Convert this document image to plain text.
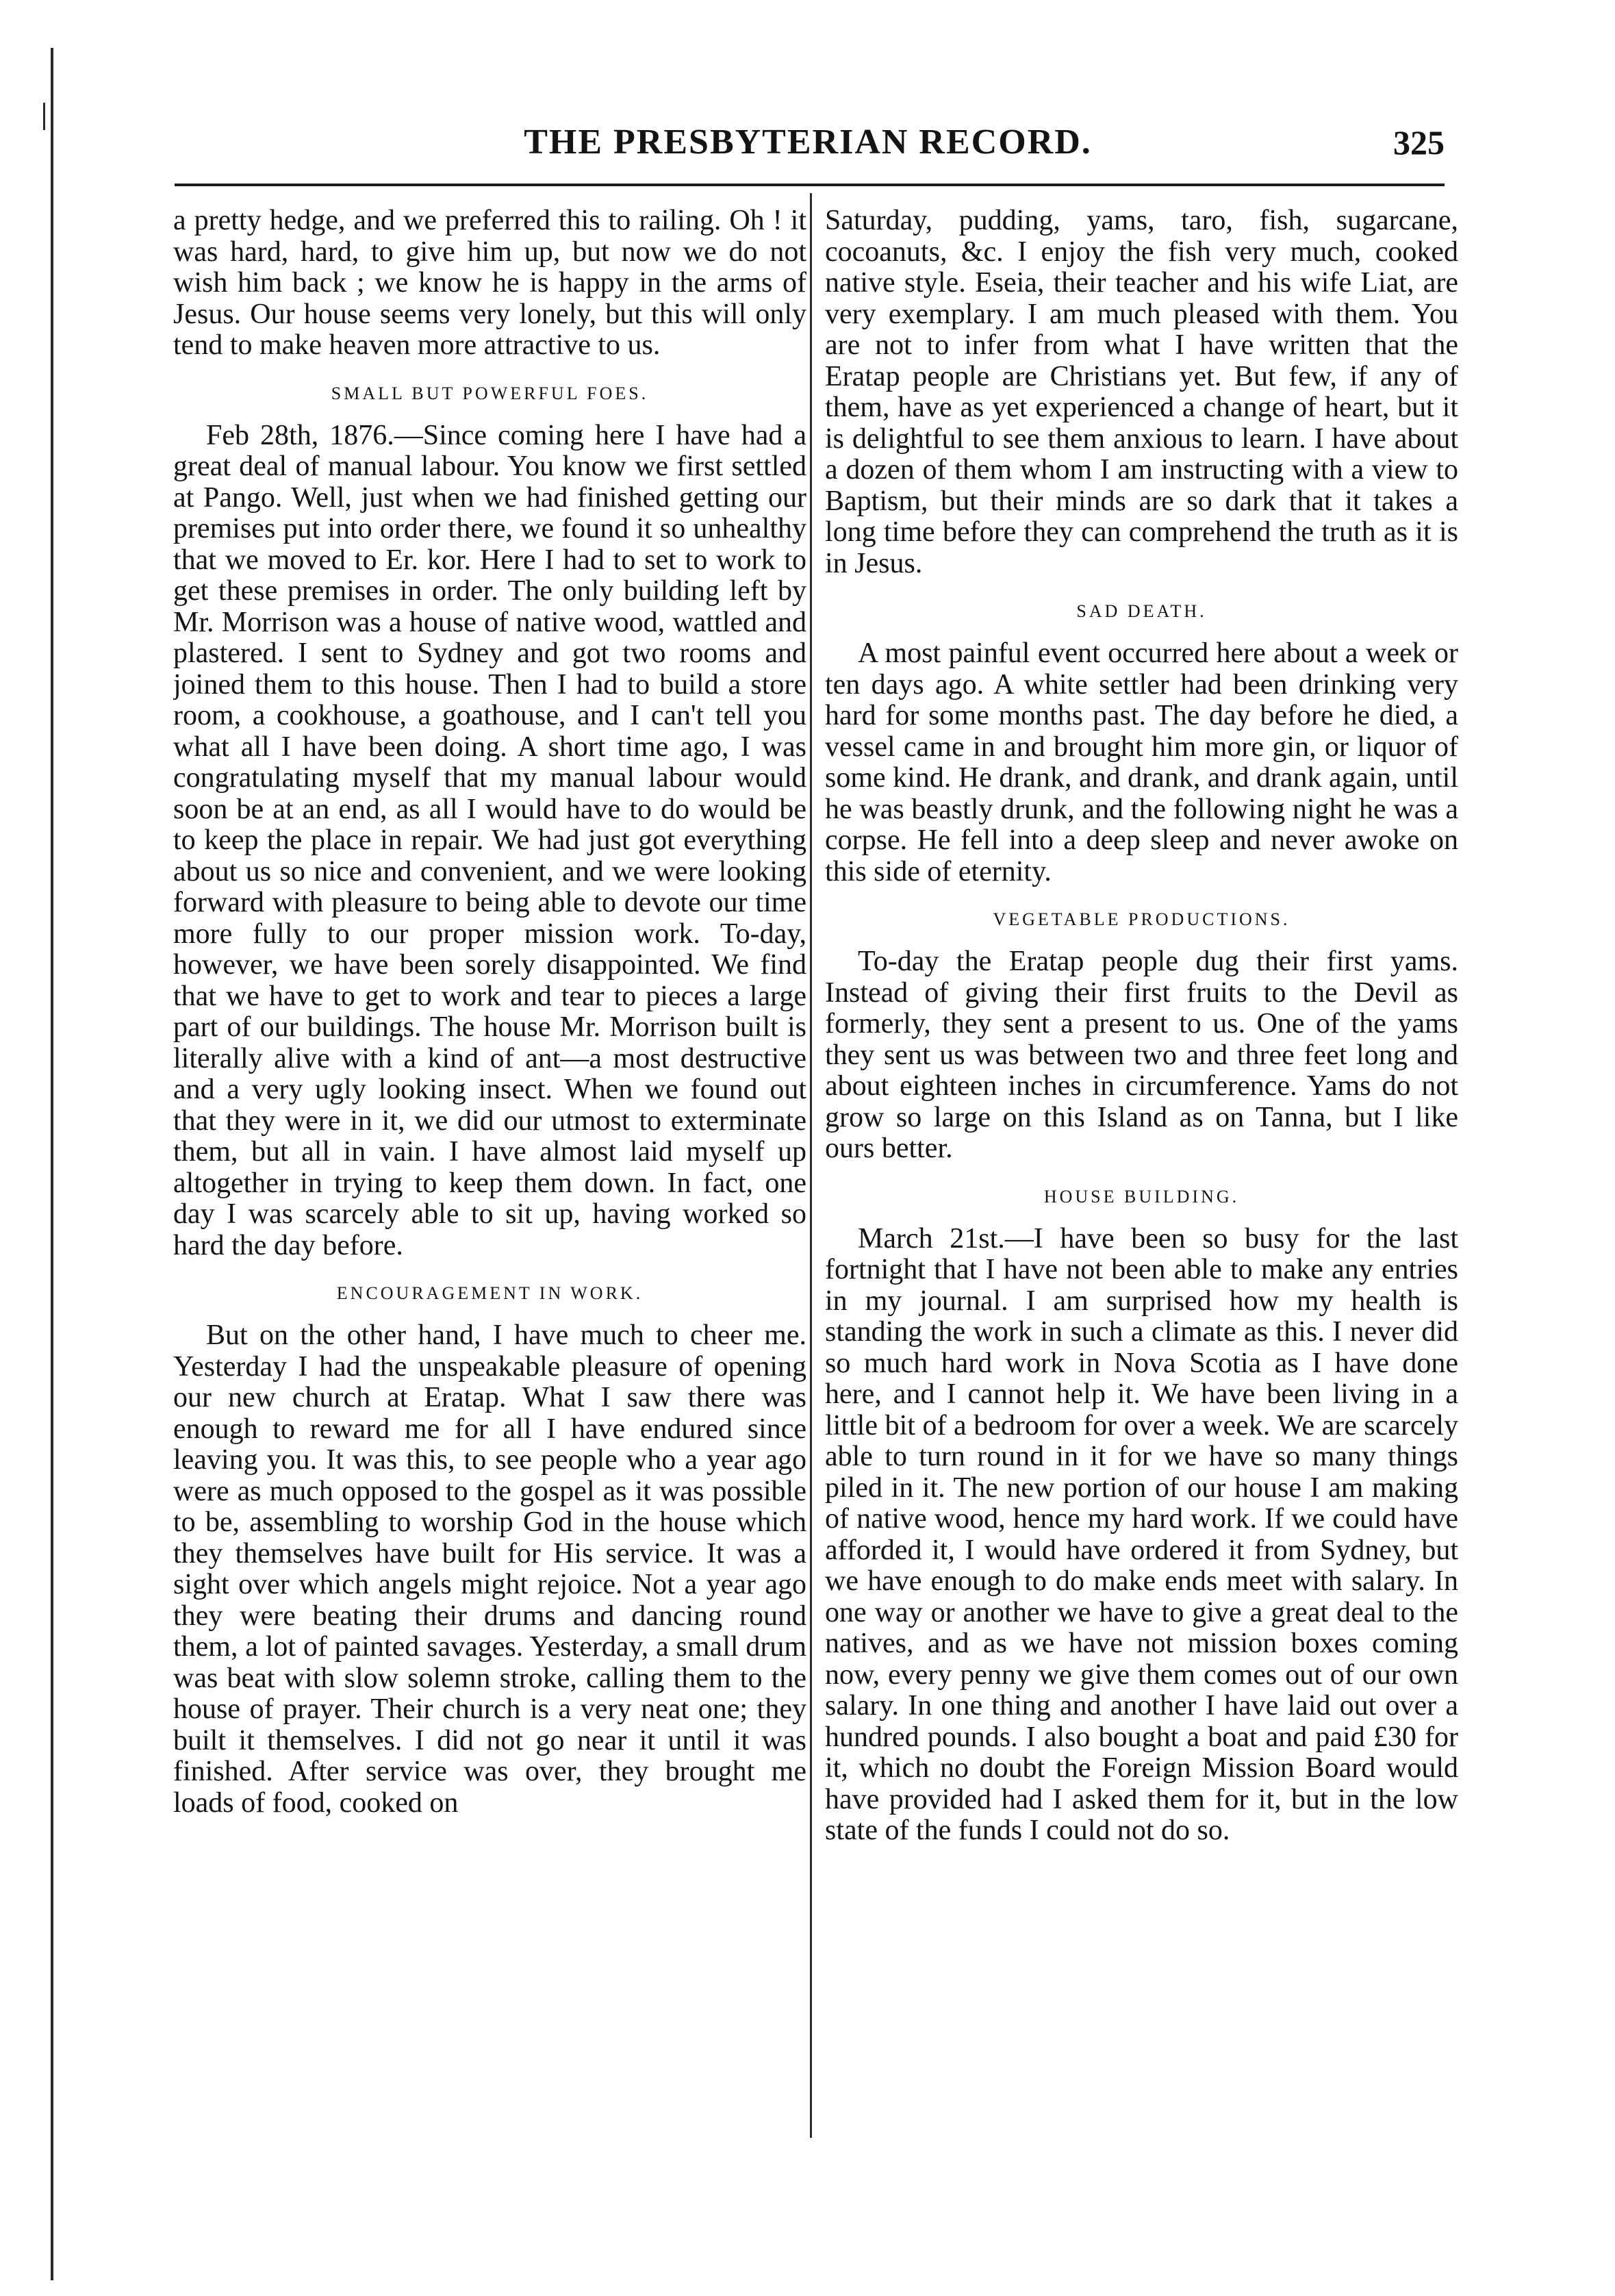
THE PRESBYTERIAN RECORD.	325

a pretty hedge, and we preferred this to railing. Oh ! it was hard, hard, to give him up, but now we do not wish him back ; we know he is happy in the arms of Jesus. Our house seems very lonely, but this will only tend to make heaven more attractive to us.

SMALL BUT POWERFUL FOES.

Feb 28th, 1876.—Since coming here I have had a great deal of manual labour. You know we first settled at Pango. Well, just when we had finished getting our premises put into order there, we found it so unhealthy that we moved to Er. kor. Here I had to set to work to get these premises in order. The only building left by Mr. Morrison was a house of native wood, wattled and plastered. I sent to Sydney and got two rooms and joined them to this house. Then I had to build a store room, a cookhouse, a goathouse, and I can't tell you what all I have been doing. A short time ago, I was congratulating myself that my manual labour would soon be at an end, as all I would have to do would be to keep the place in repair. We had just got everything about us so nice and convenient, and we were looking forward with pleasure to being able to devote our time more fully to our proper mission work. To-day, however, we have been sorely disappointed. We find that we have to get to work and tear to pieces a large part of our buildings. The house Mr. Morrison built is literally alive with a kind of ant—a most destructive and a very ugly looking insect. When we found out that they were in it, we did our utmost to exterminate them, but all in vain. I have almost laid myself up altogether in trying to keep them down. In fact, one day I was scarcely able to sit up, having worked so hard the day before.

ENCOURAGEMENT IN WORK.

But on the other hand, I have much to cheer me. Yesterday I had the unspeakable pleasure of opening our new church at Eratap. What I saw there was enough to reward me for all I have endured since leaving you. It was this, to see people who a year ago were as much opposed to the gospel as it was possible to be, assembling to worship God in the house which they themselves have built for His service. It was a sight over which angels might rejoice. Not a year ago they were beating their drums and dancing round them, a lot of painted savages. Yesterday, a small drum was beat with slow solemn stroke, calling them to the house of prayer. Their church is a very neat one; they built it themselves. I did not go near it until it was finished. After service was over, they brought me loads of food, cooked on

Saturday, pudding, yams, taro, fish, sugarcane, cocoanuts, &c. I enjoy the fish very much, cooked native style. Eseia, their teacher and his wife Liat, are very exemplary. I am much pleased with them. You are not to infer from what I have written that the Eratap people are Christians yet. But few, if any of them, have as yet experienced a change of heart, but it is delightful to see them anxious to learn. I have about a dozen of them whom I am instructing with a view to Baptism, but their minds are so dark that it takes a long time before they can comprehend the truth as it is in Jesus.

SAD DEATH.

A most painful event occurred here about a week or ten days ago. A white settler had been drinking very hard for some months past. The day before he died, a vessel came in and brought him more gin, or liquor of some kind. He drank, and drank, and drank again, until he was beastly drunk, and the following night he was a corpse. He fell into a deep sleep and never awoke on this side of eternity.

VEGETABLE PRODUCTIONS.

To-day the Eratap people dug their first yams. Instead of giving their first fruits to the Devil as formerly, they sent a present to us. One of the yams they sent us was between two and three feet long and about eighteen inches in circumference. Yams do not grow so large on this Island as on Tanna, but I like ours better.

HOUSE BUILDING.

March 21st.—I have been so busy for the last fortnight that I have not been able to make any entries in my journal. I am surprised how my health is standing the work in such a climate as this. I never did so much hard work in Nova Scotia as I have done here, and I cannot help it. We have been living in a little bit of a bedroom for over a week. We are scarcely able to turn round in it for we have so many things piled in it. The new portion of our house I am making of native wood, hence my hard work. If we could have afforded it, I would have ordered it from Sydney, but we have enough to do make ends meet with salary. In one way or another we have to give a great deal to the natives, and as we have not mission boxes coming now, every penny we give them comes out of our own salary. In one thing and another I have laid out over a hundred pounds. I also bought a boat and paid £30 for it, which no doubt the Foreign Mission Board would have provided had I asked them for it, but in the low state of the funds I could not do so.
